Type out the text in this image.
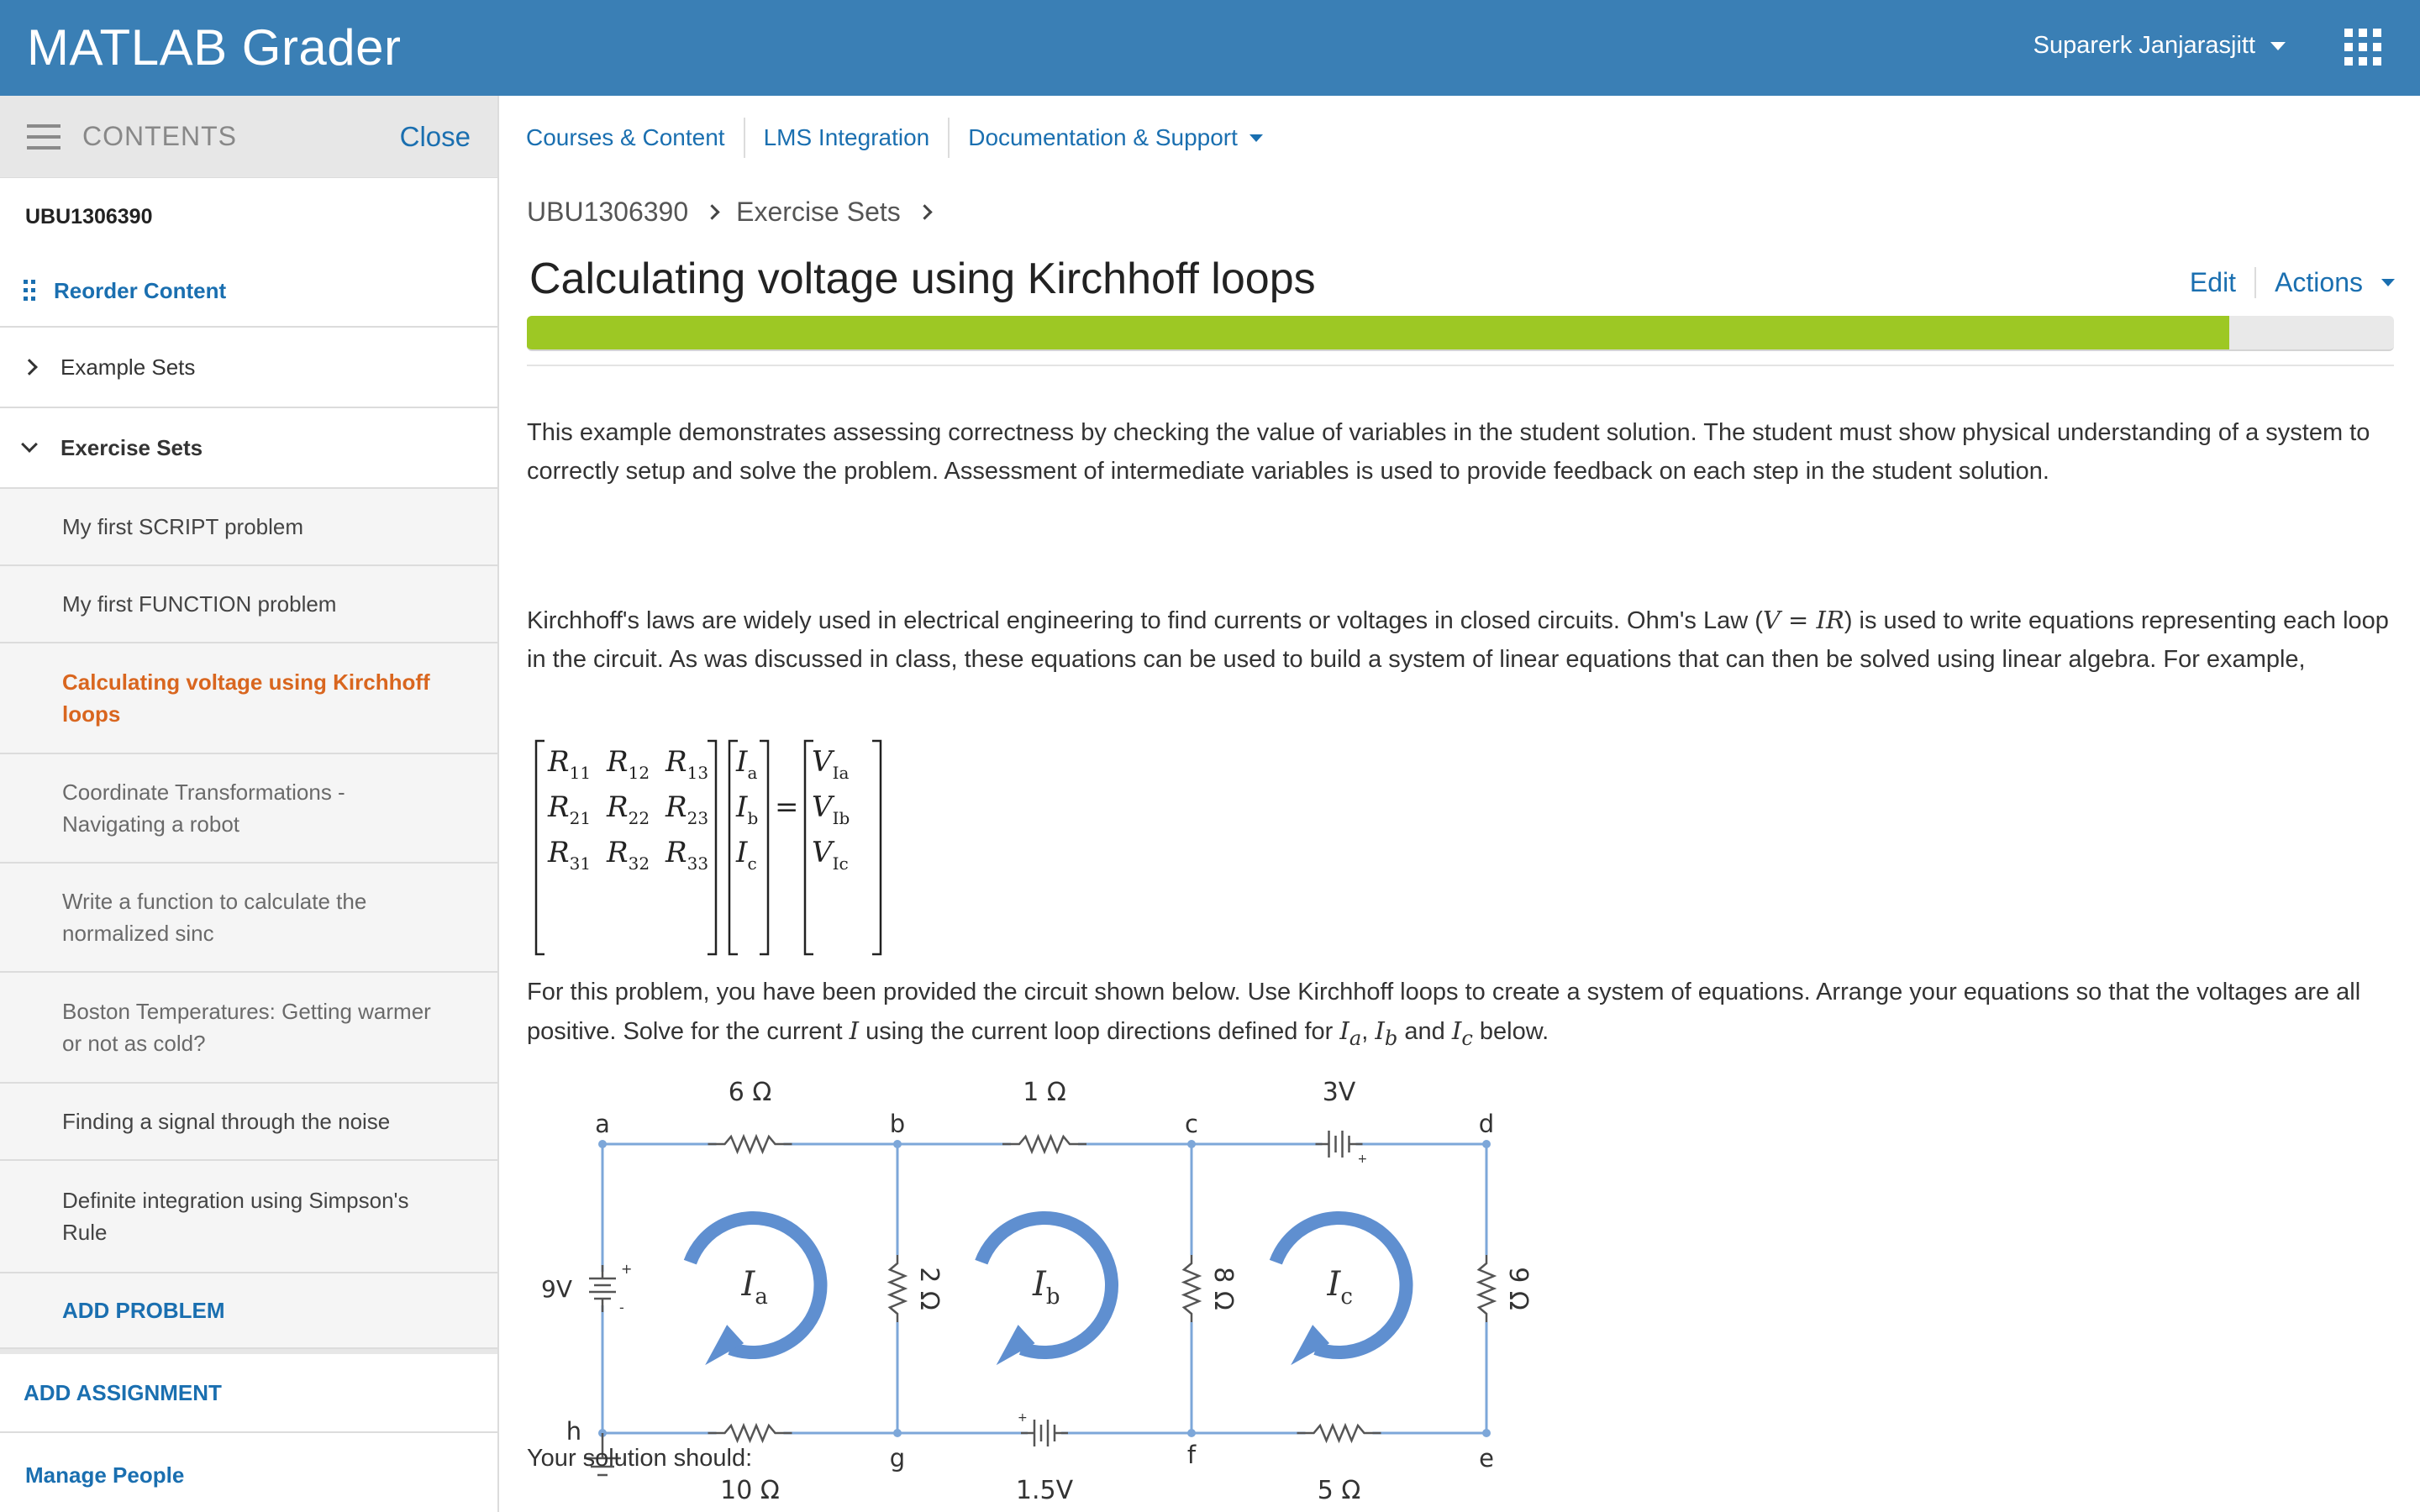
MATLAB Grader	Suparerk Janjarasjitt
CONTENTS	Close
UBU1306390
Reorder Content
Example Sets
Exercise Sets
My first SCRIPT problem
My first FUNCTION problem
Calculating voltage using Kirchhoff loops
Coordinate Transformations - Navigating a robot
Write a function to calculate the normalized sinc
Boston Temperatures: Getting warmer or not as cold?
Finding a signal through the noise
Definite integration using Simpson's Rule
ADD PROBLEM
ADD ASSIGNMENT
Manage People
Courses & Content	LMS Integration	Documentation & Support
UBU1306390 Exercise Sets
Calculating voltage using Kirchhoff loops	Edit	Actions

This example demonstrates assessing correctness by checking the value of variables in the student solution. The student must show physical understanding of a system to correctly setup and solve the problem. Assessment of intermediate variables is used to provide feedback on each step in the student solution.

Kirchhoff's laws are widely used in electrical engineering to find currents or voltages in closed circuits. Ohm's Law (V = IR) is used to write equations representing each loop in the circuit. As was discussed in class, these equations can be used to build a system of linear equations that can then be solved using linear algebra. For example,

$R_{11}$ $R_{12}$ $R_{13}$
$R_{21}$ $R_{22}$ $R_{23}$
$R_{31}$ $R_{32}$ $R_{33}$
$I_a$
$I_b$
$I_c$
$V_{Ia}$
$V_{Ib}$
$V_{Ic}$
=

For this problem, you have been provided the circuit shown below. Use Kirchhoff loops to create a system of equations. Arrange your equations so that the voltages are all positive. Solve for the current I using the current loop directions defined for $I_a$, $I_b$ and $I_c$ below.

a	b	c	d
e
f
g
h
6 Ω	1 Ω	3V
10 Ω	1.5V	5 Ω
2 Ω	8 Ω	9 Ω
9V
+
-
+
+
$I_a$	$I_b$	$I_c$
Your solution should:
